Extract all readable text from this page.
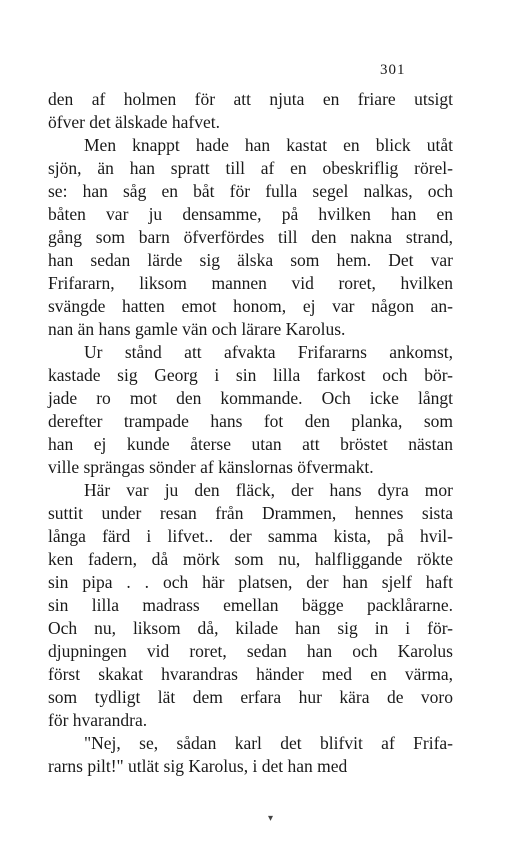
301
den af holmen för att njuta en friare utsigt
öfver det älskade hafvet.
Men knappt hade han kastat en blick utåt
sjön, än han spratt till af en obeskriflig rörel-
se: han såg en båt för fulla segel nalkas, och
båten var ju densamme, på hvilken han en
gång som barn öfverfördes till den nakna strand,
han sedan lärde sig älska som hem. Det var
Frifararn, liksom mannen vid roret, hvilken
svängde hatten emot honom, ej var någon an-
nan än hans gamle vän och lärare Karolus.
Ur stånd att afvakta Frifararns ankomst,
kastade sig Georg i sin lilla farkost och bör-
jade ro mot den kommande. Och icke långt
derefter trampade hans fot den planka, som
han ej kunde återse utan att bröstet nästan
ville sprängas sönder af känslornas öfvermakt.
Här var ju den fläck, der hans dyra mor
suttit under resan från Drammen, hennes sista
långa färd i lifvet.. der samma kista, på hvil-
ken fadern, då mörk som nu, halfliggande rökte
sin pipa . . och här platsen, der han sjelf haft
sin lilla madrass emellan bägge packlårarne.
Och nu, liksom då, kilade han sig in i för-
djupningen vid roret, sedan han och Karolus
först skakat hvarandras händer med en värma,
som tydligt lät dem erfara hur kära de voro
för hvarandra.
"Nej, se, sådan karl det blifvit af Frifa-
rarns pilt!" utlät sig Karolus, i det han med
▾
